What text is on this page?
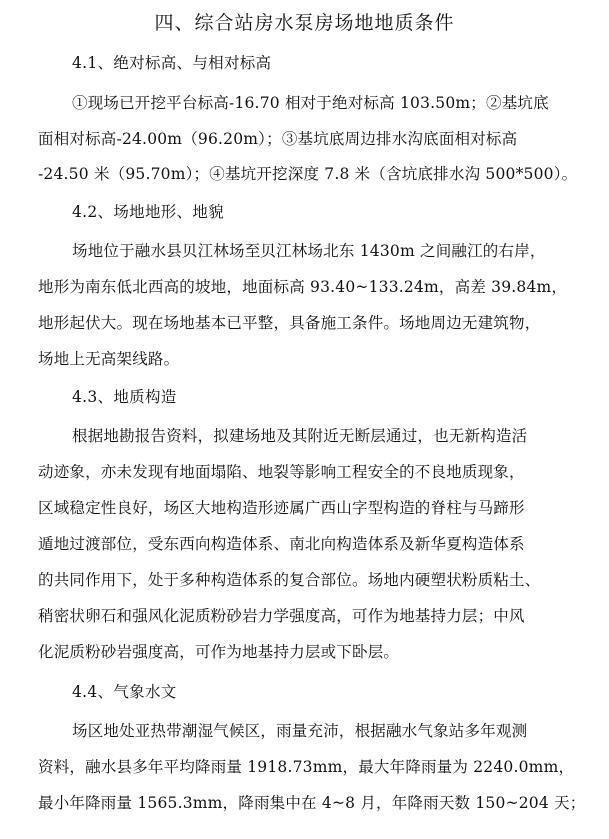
四、综合站房水泵房场地地质条件
4.1、绝对标高、与相对标高
①现场已开挖平台标高-16.70 相对于绝对标高 103.50m；②基坑底
面相对标高-24.00m（96.20m）；③基坑底周边排水沟底面相对标高
-24.50 米（95.70m）；④基坑开挖深度 7.8 米（含坑底排水沟 500*500）。
4.2、场地地形、地貌
场地位于融水县贝江林场至贝江林场北东 1430m 之间融江的右岸，
地形为南东低北西高的坡地，地面标高 93.40~133.24m，高差 39.84m，
地形起伏大。现在场地基本已平整，具备施工条件。场地周边无建筑物，
场地上无高架线路。
4.3、地质构造
根据地勘报告资料，拟建场地及其附近无断层通过，也无新构造活
动迹象，亦未发现有地面塌陷、地裂等影响工程安全的不良地质现象，
区域稳定性良好，场区大地构造形迹属广西山字型构造的脊柱与马蹄形
遁地过渡部位，受东西向构造体系、南北向构造体系及新华夏构造体系
的共同作用下，处于多种构造体系的复合部位。场地内硬塑状粉质粘土、
稍密状卵石和强风化泥质粉砂岩力学强度高，可作为地基持力层；中风
化泥质粉砂岩强度高，可作为地基持力层或下卧层。
4.4、气象水文
场区地处亚热带潮湿气候区，雨量充沛，根据融水气象站多年观测
资料，融水县多年平均降雨量 1918.73mm，最大年降雨量为 2240.0mm，
最小年降雨量 1565.3mm，降雨集中在 4~8 月，年降雨天数 150~204 天；
